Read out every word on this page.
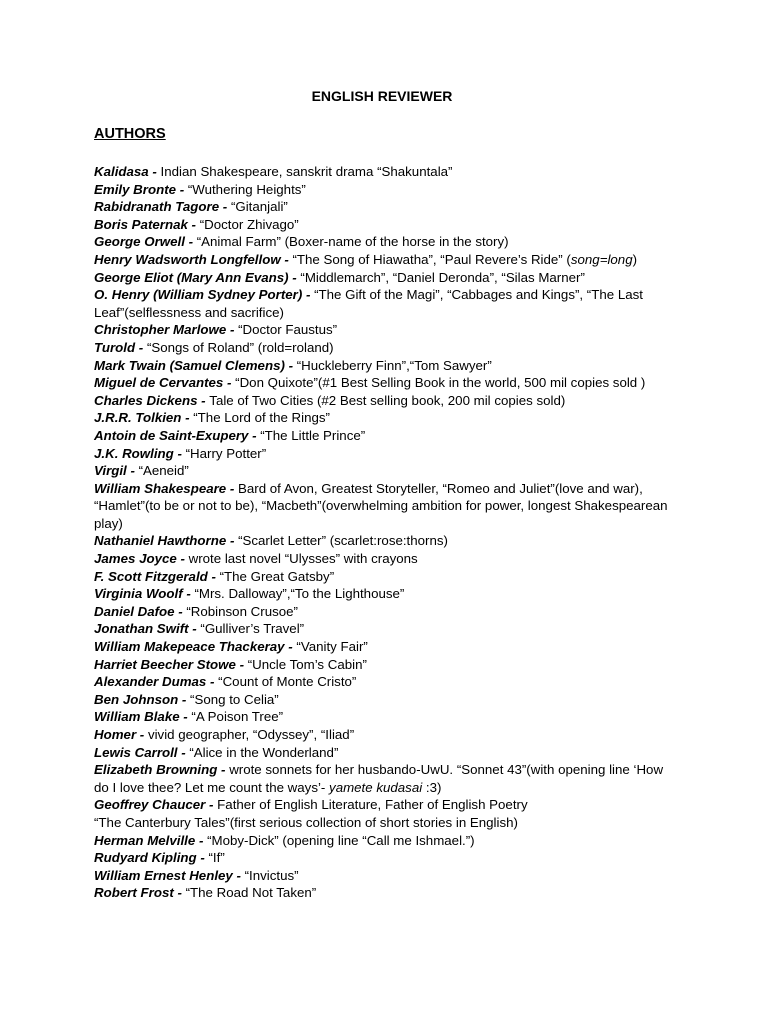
ENGLISH REVIEWER
AUTHORS

Kalidasa - Indian Shakespeare, sanskrit drama “Shakuntala”

Emily Bronte - “Wuthering Heights”

Rabidranath Tagore - “Gitanjali”

Boris Paternak - “Doctor Zhivago”

George Orwell - “Animal Farm” (Boxer-name of the horse in the story)

Henry Wadsworth Longfellow - “The Song of Hiawatha”, “Paul Revere’s Ride” (song=long)

George Eliot (Mary Ann Evans) - “Middlemarch”, “Daniel Deronda”, “Silas Marner”

O. Henry (William Sydney Porter) - “The Gift of the Magi”, “Cabbages and Kings”, “The Last Leaf”(selflessness and sacrifice)

Christopher Marlowe - “Doctor Faustus”

Turold - “Songs of Roland” (rold=roland)

Mark Twain (Samuel Clemens) - “Huckleberry Finn”,“Tom Sawyer”

Miguel de Cervantes - “Don Quixote”(#1 Best Selling Book in the world, 500 mil copies sold )

Charles Dickens - Tale of Two Cities (#2 Best selling book, 200 mil copies sold)

J.R.R. Tolkien - “The Lord of the Rings”

Antoin de Saint-Exupery - “The Little Prince”

J.K. Rowling - “Harry Potter”

Virgil - “Aeneid”

William Shakespeare - Bard of Avon, Greatest Storyteller, “Romeo and Juliet”(love and war), “Hamlet”(to be or not to be), “Macbeth”(overwhelming ambition for power, longest Shakespearean play)

Nathaniel Hawthorne - “Scarlet Letter” (scarlet:rose:thorns)

James Joyce - wrote last novel “Ulysses” with crayons

F. Scott Fitzgerald - “The Great Gatsby”

Virginia Woolf - “Mrs. Dalloway”,“To the Lighthouse”

Daniel Dafoe - “Robinson Crusoe”

Jonathan Swift - “Gulliver’s Travel”

William Makepeace Thackeray - “Vanity Fair”

Harriet Beecher Stowe - “Uncle Tom’s Cabin”

Alexander Dumas - “Count of Monte Cristo”

Ben Johnson - “Song to Celia”

William Blake - “A Poison Tree”

Homer - vivid geographer, “Odyssey”, “Iliad”

Lewis Carroll - “Alice in the Wonderland”

Elizabeth Browning - wrote sonnets for her husbando-UwU. “Sonnet 43”(with opening line ‘How do I love thee? Let me count the ways’- yamete kudasai :3)

Geoffrey Chaucer - Father of English Literature, Father of English Poetry
“The Canterbury Tales”(first serious collection of short stories in English)

Herman Melville - “Moby-Dick” (opening line “Call me Ishmael.”)

Rudyard Kipling - “If”

William Ernest Henley - “Invictus”

Robert Frost - “The Road Not Taken”
